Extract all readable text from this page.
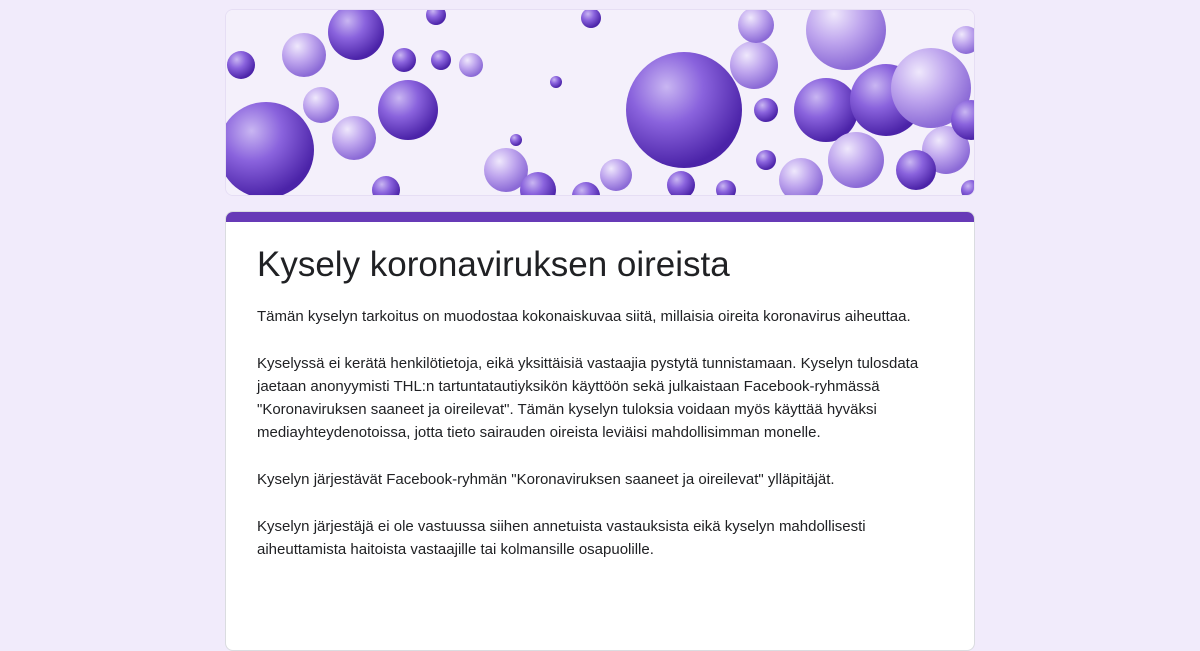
Kysely koronaviruksen oireista

Tämän kyselyn tarkoitus on muodostaa kokonaiskuvaa siitä, millaisia oireita koronavirus aiheuttaa.

Kyselyssä ei kerätä henkilötietoja, eikä yksittäisiä vastaajia pystytä tunnistamaan. Kyselyn tulosdata jaetaan anonyymisti THL:n tartuntatautiyksikön käyttöön sekä julkaistaan Facebook-ryhmässä "Koronaviruksen saaneet ja oireilevat". Tämän kyselyn tuloksia voidaan myös käyttää hyväksi mediayhteydenotoissa, jotta tieto sairauden oireista leviäisi mahdollisimman monelle.

Kyselyn järjestävät Facebook-ryhmän "Koronaviruksen saaneet ja oireilevat" ylläpitäjät.

Kyselyn järjestäjä ei ole vastuussa siihen annetuista vastauksista eikä kyselyn mahdollisesti aiheuttamista haitoista vastaajille tai kolmansille osapuolille.
